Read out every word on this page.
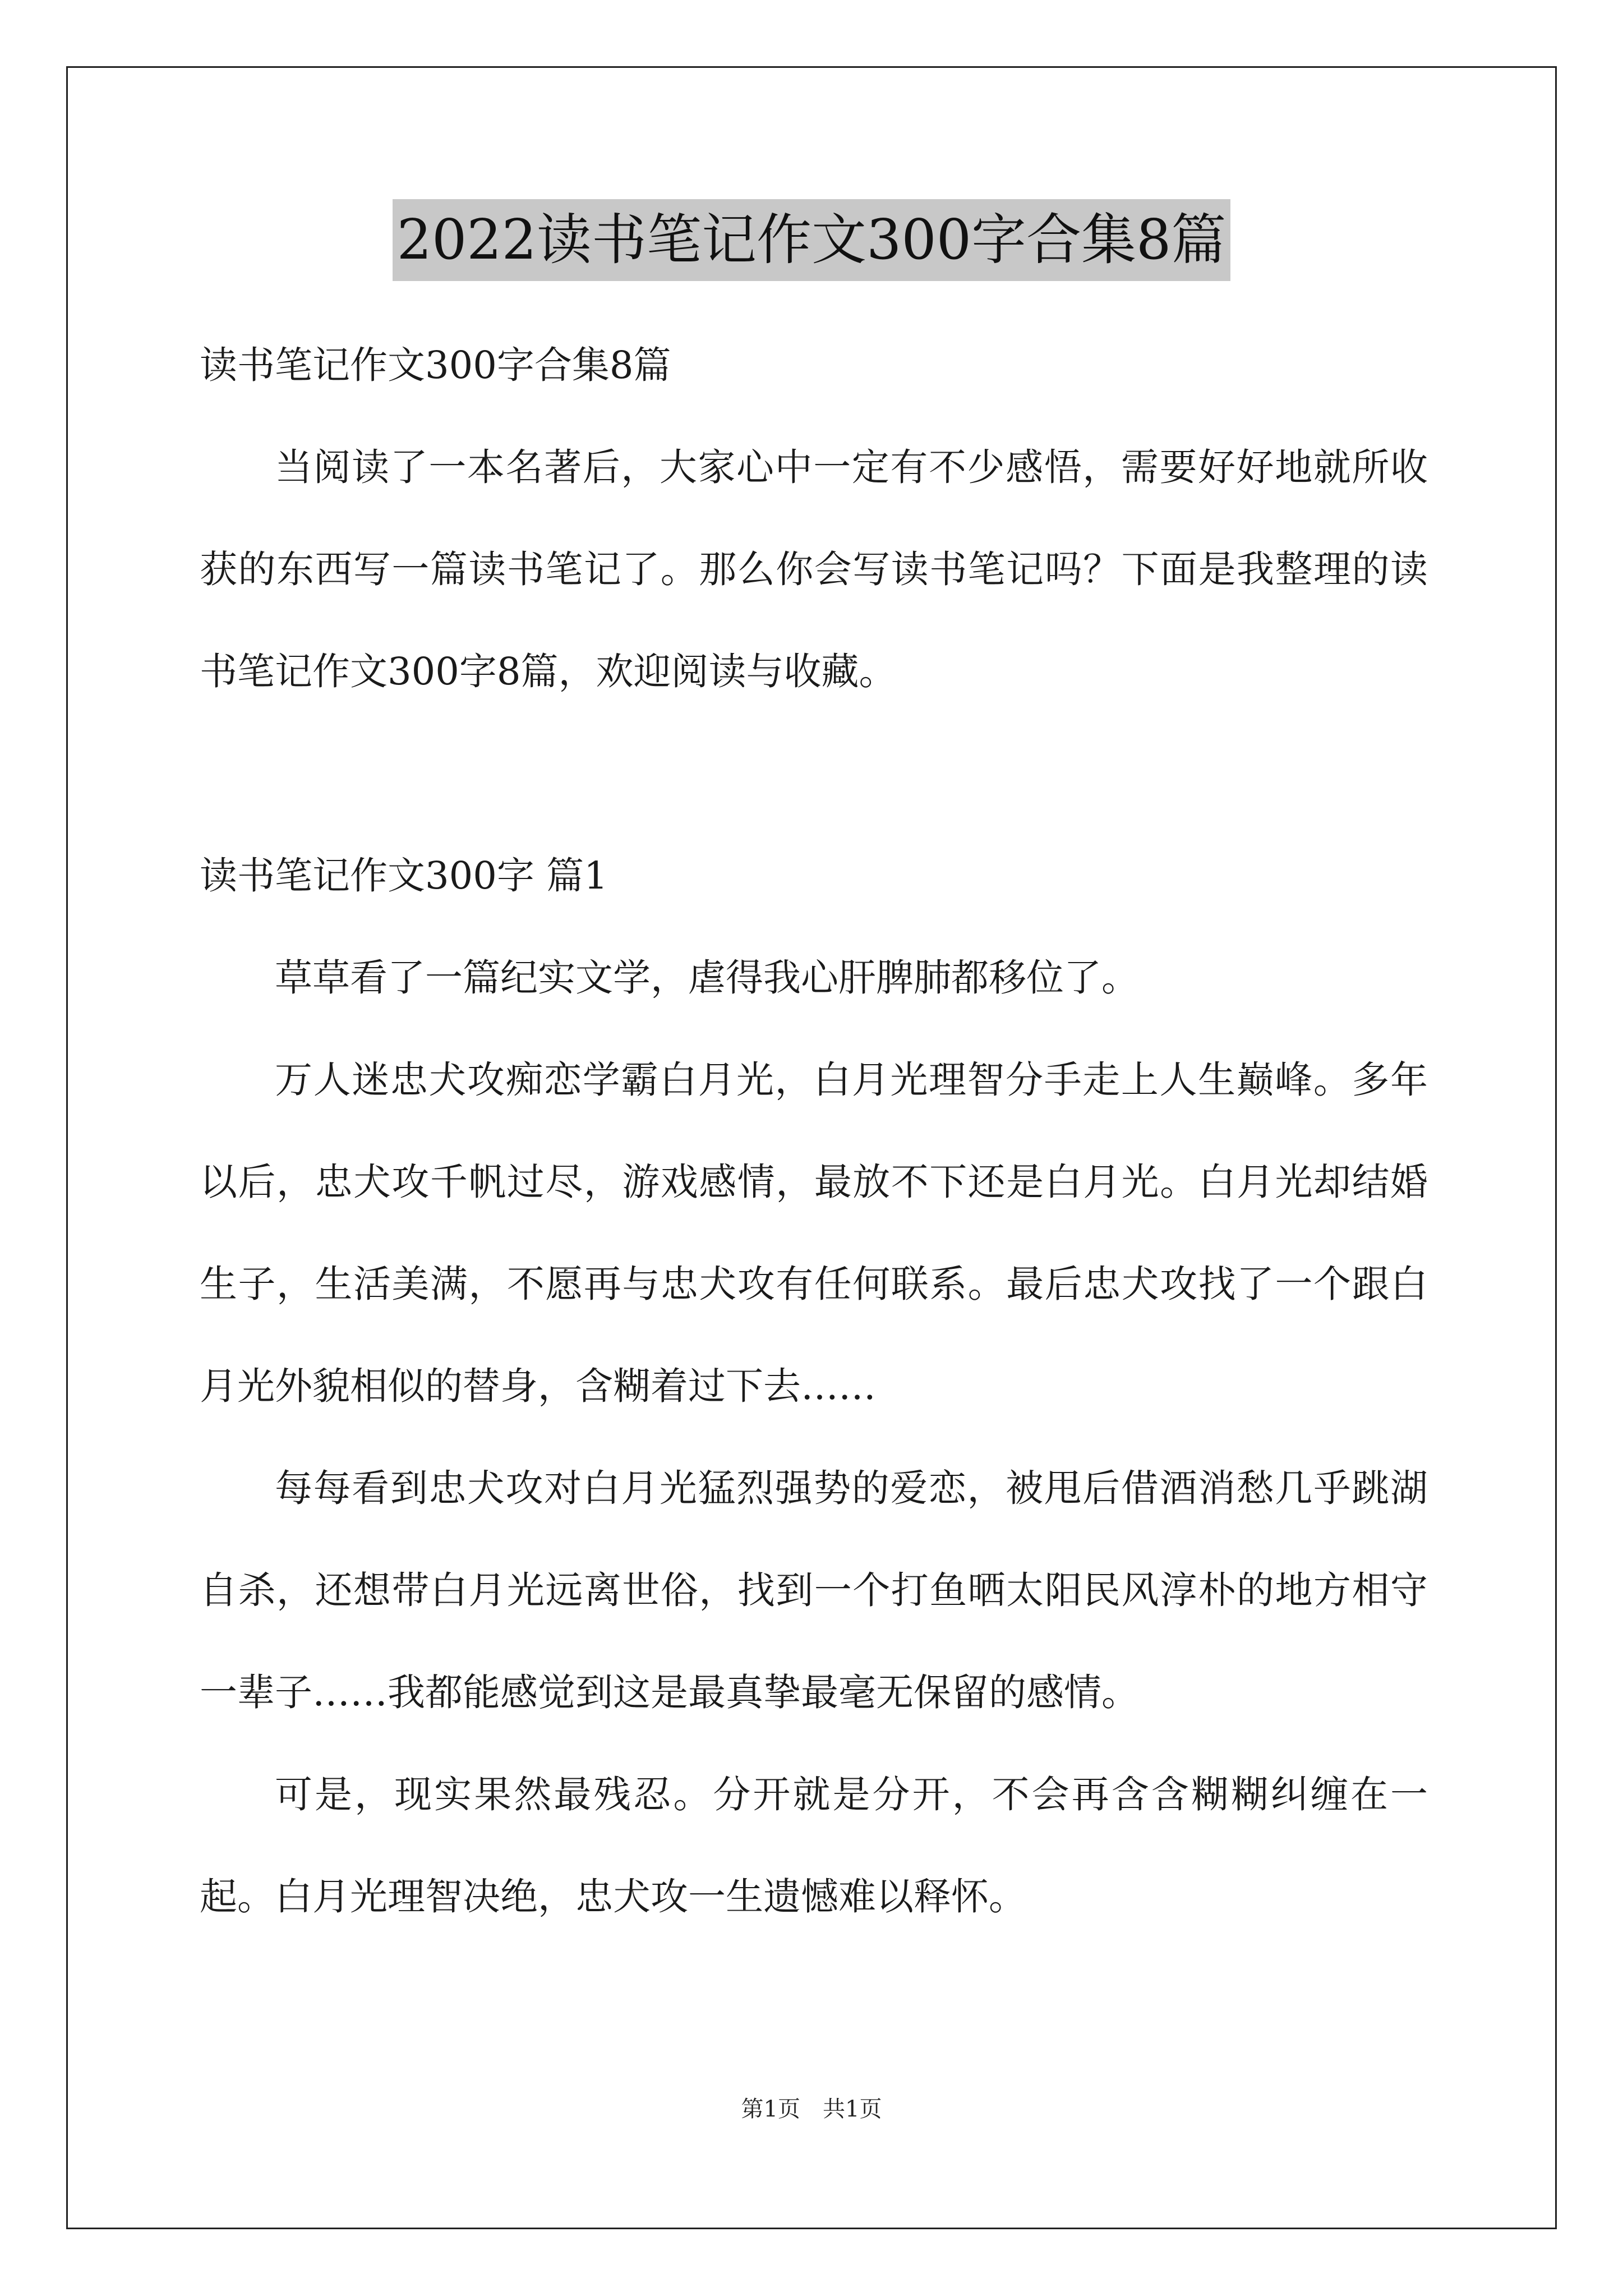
2022读书笔记作文300字合集8篇

读书笔记作文300字合集8篇

当阅读了一本名著后，大家心中一定有不少感悟，需要好好地就所收获的东西写一篇读书笔记了。那么你会写读书笔记吗？下面是我整理的读书笔记作文300字8篇，欢迎阅读与收藏。

读书笔记作文300字 篇1

草草看了一篇纪实文学，虐得我心肝脾肺都移位了。

万人迷忠犬攻痴恋学霸白月光，白月光理智分手走上人生巅峰。多年以后，忠犬攻千帆过尽，游戏感情，最放不下还是白月光。白月光却结婚生子，生活美满，不愿再与忠犬攻有任何联系。最后忠犬攻找了一个跟白月光外貌相似的替身，含糊着过下去……

每每看到忠犬攻对白月光猛烈强势的爱恋，被甩后借酒消愁几乎跳湖自杀，还想带白月光远离世俗，找到一个打鱼晒太阳民风淳朴的地方相守一辈子……我都能感觉到这是最真挚最毫无保留的感情。

可是，现实果然最残忍。分开就是分开，不会再含含糊糊纠缠在一起。白月光理智决绝，忠犬攻一生遗憾难以释怀。

第1页 共1页
